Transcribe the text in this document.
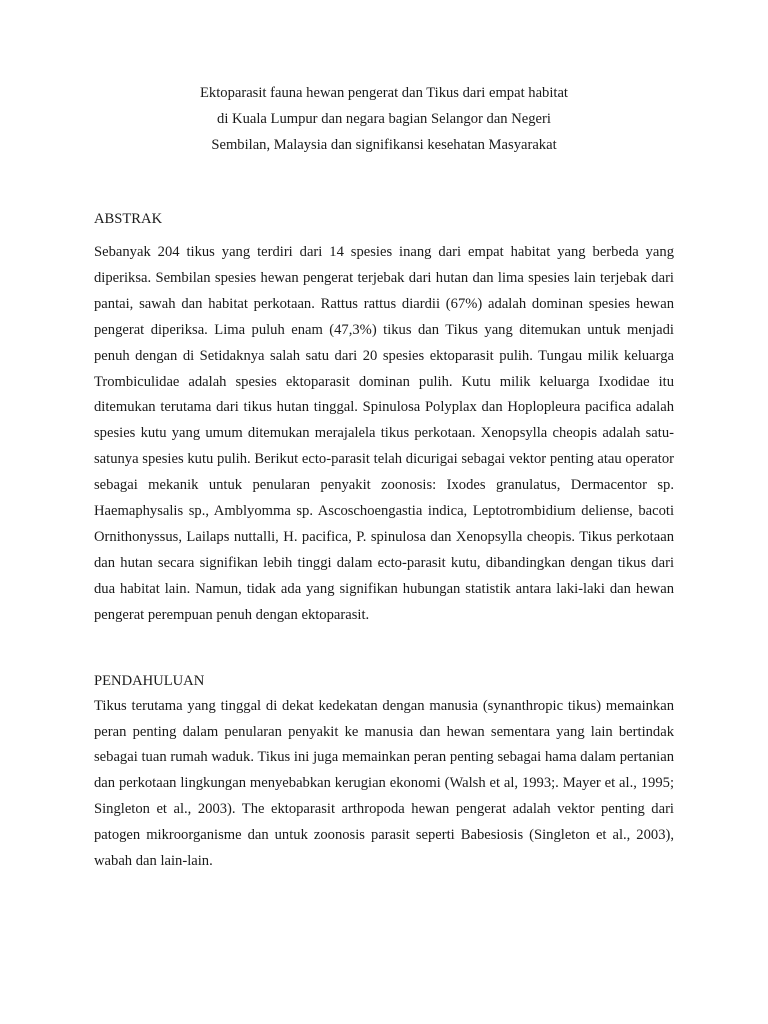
Ektoparasit fauna hewan pengerat dan Tikus dari empat habitat
di Kuala Lumpur dan negara bagian Selangor dan Negeri
Sembilan, Malaysia dan signifikansi kesehatan Masyarakat
ABSTRAK

Sebanyak 204 tikus yang terdiri dari 14 spesies inang dari empat habitat yang berbeda yang diperiksa. Sembilan spesies hewan pengerat terjebak dari hutan dan lima spesies lain terjebak dari pantai, sawah dan habitat perkotaan. Rattus rattus diardii (67%) adalah dominan spesies hewan pengerat diperiksa. Lima puluh enam (47,3%) tikus dan Tikus yang ditemukan untuk menjadi penuh dengan di Setidaknya salah satu dari 20 spesies ektoparasit pulih. Tungau milik keluarga Trombiculidae adalah spesies ektoparasit dominan pulih. Kutu milik keluarga Ixodidae itu ditemukan terutama dari tikus hutan tinggal. Spinulosa Polyplax dan Hoplopleura pacifica adalah spesies kutu yang umum ditemukan merajalela tikus perkotaan. Xenopsylla cheopis adalah satu-satunya spesies kutu pulih. Berikut ecto-parasit telah dicurigai sebagai vektor penting atau operator sebagai mekanik untuk penularan penyakit zoonosis: Ixodes granulatus, Dermacentor sp. Haemaphysalis sp., Amblyomma sp. Ascoschoengastia indica, Leptotrombidium deliense, bacoti Ornithonyssus, Lailaps nuttalli, H. pacifica, P. spinulosa dan Xenopsylla cheopis. Tikus perkotaan dan hutan secara signifikan lebih tinggi dalam ecto-parasit kutu, dibandingkan dengan tikus dari dua habitat lain. Namun, tidak ada yang signifikan hubungan statistik antara laki-laki dan hewan pengerat perempuan penuh dengan ektoparasit.

PENDAHULUAN

Tikus terutama yang tinggal di dekat kedekatan dengan manusia (synanthropic tikus) memainkan peran penting dalam penularan penyakit ke manusia dan hewan sementara yang lain bertindak sebagai tuan rumah waduk. Tikus ini juga memainkan peran penting sebagai hama dalam pertanian dan perkotaan lingkungan menyebabkan kerugian ekonomi (Walsh et al, 1993;. Mayer et al., 1995; Singleton et al., 2003). The ektoparasit arthropoda hewan pengerat adalah vektor penting dari patogen mikroorganisme dan untuk zoonosis parasit seperti Babesiosis (Singleton et al., 2003), wabah dan lain-lain.
